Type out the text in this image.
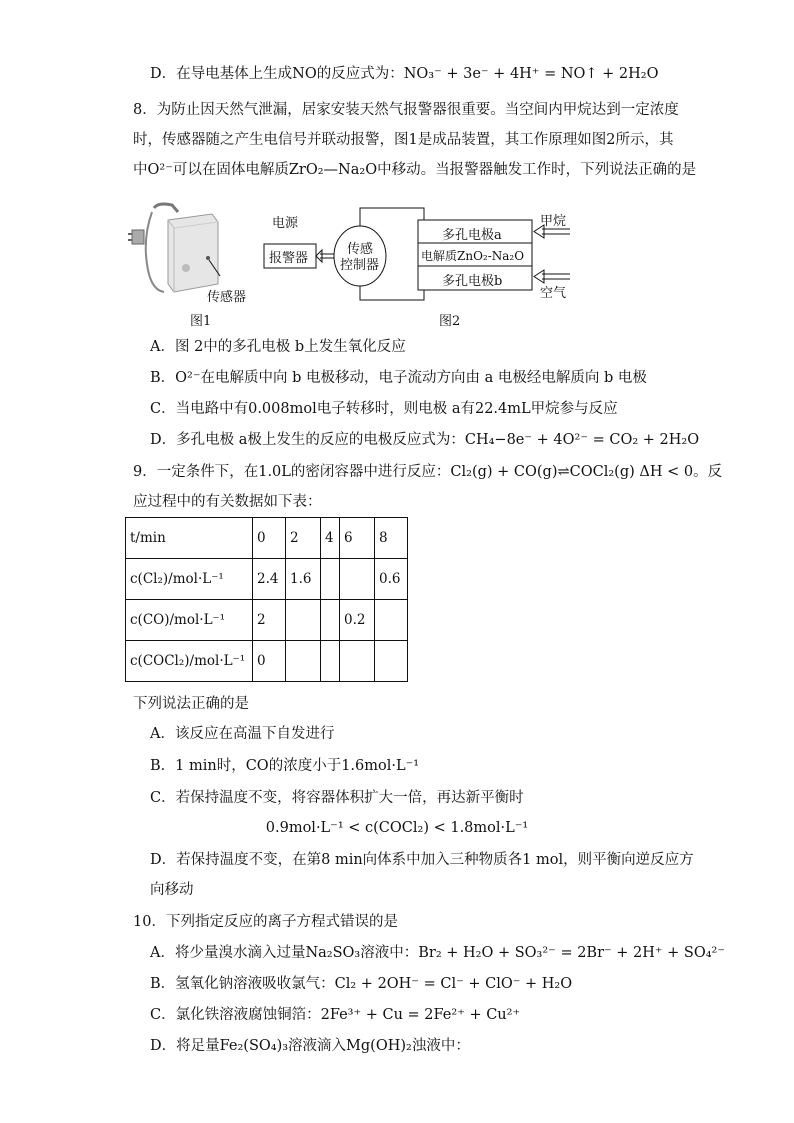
D．在导电基体上生成NO的反应式为：NO₃⁻ + 3e⁻ + 4H⁺ = NO↑ + 2H₂O
8．为防止因天然气泄漏，居家安装天然气报警器很重要。当空间内甲烷达到一定浓度
时，传感器随之产生电信号并联动报警，图1是成品装置，其工作原理如图2所示，其
中O²⁻可以在固体电解质ZrO₂—Na₂O中移动。当报警器触发工作时，下列说法正确的是
传感器
图1
电源
报警器
传感
控制器
多孔电极a
电解质ZnO₂-Na₂O
多孔电极b
甲烷
空气
图2
A．图 2中的多孔电极 b上发生氧化反应
B．O²⁻在电解质中向 b 电极移动，电子流动方向由 a 电极经电解质向 b 电极
C．当电路中有0.008mol电子转移时，则电极 a有22.4mL甲烷参与反应
D．多孔电极 a极上发生的反应的电极反应式为：CH₄−8e⁻ + 4O²⁻ = CO₂ + 2H₂O
9．一定条件下，在1.0L的密闭容器中进行反应：Cl₂(g) + CO(g)⇌COCl₂(g) ΔH < 0。反
应过程中的有关数据如下表：
t/min	0	2	4	6	8
c(Cl₂)/mol·L⁻¹	2.4	1.6			0.6
c(CO)/mol·L⁻¹	2			0.2	
c(COCl₂)/mol·L⁻¹	0				
下列说法正确的是
A．该反应在高温下自发进行
B．1 min时，CO的浓度小于1.6mol·L⁻¹
C．若保持温度不变，将容器体积扩大一倍，再达新平衡时
0.9mol·L⁻¹ < c(COCl₂) < 1.8mol·L⁻¹
D．若保持温度不变，在第8 min向体系中加入三种物质各1 mol，则平衡向逆反应方
向移动
10．下列指定反应的离子方程式错误的是
A．将少量溴水滴入过量Na₂SO₃溶液中：Br₂ + H₂O + SO₃²⁻ = 2Br⁻ + 2H⁺ + SO₄²⁻
B．氢氧化钠溶液吸收氯气：Cl₂ + 2OH⁻ = Cl⁻ + ClO⁻ + H₂O
C．氯化铁溶液腐蚀铜箔：2Fe³⁺ + Cu = 2Fe²⁺ + Cu²⁺
D．将足量Fe₂(SO₄)₃溶液滴入Mg(OH)₂浊液中：
